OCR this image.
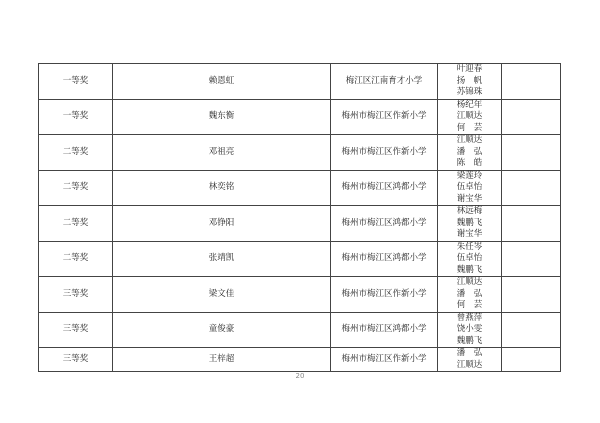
一等奖	赖恩虹	梅江区江南育才小学	叶迎春
扬　帆
苏锦珠	

一等奖	魏东衡	梅州市梅江区作新小学	杨纪年
江顺达
何　芸	

二等奖	邓祖亮	梅州市梅江区作新小学	江顺达
潘　弘
陈　皓	

二等奖	林奕铭	梅州市梅江区鸿都小学	梁莲玲
伍卓怡
谢宝华	

二等奖	邓铮阳	梅州市梅江区鸿都小学	林远梅
魏鹏飞
谢宝华	

二等奖	张靖凯	梅州市梅江区鸿都小学	朱任岑
伍卓怡
魏鹏飞	

三等奖	梁文佳	梅州市梅江区作新小学	江顺达
潘　弘
何　芸	

三等奖	童俊豪	梅州市梅江区鸿都小学	曾燕萍
饶小雯
魏鹏飞	

三等奖	王梓超	梅州市梅江区作新小学	潘　弘
江顺达	

20
